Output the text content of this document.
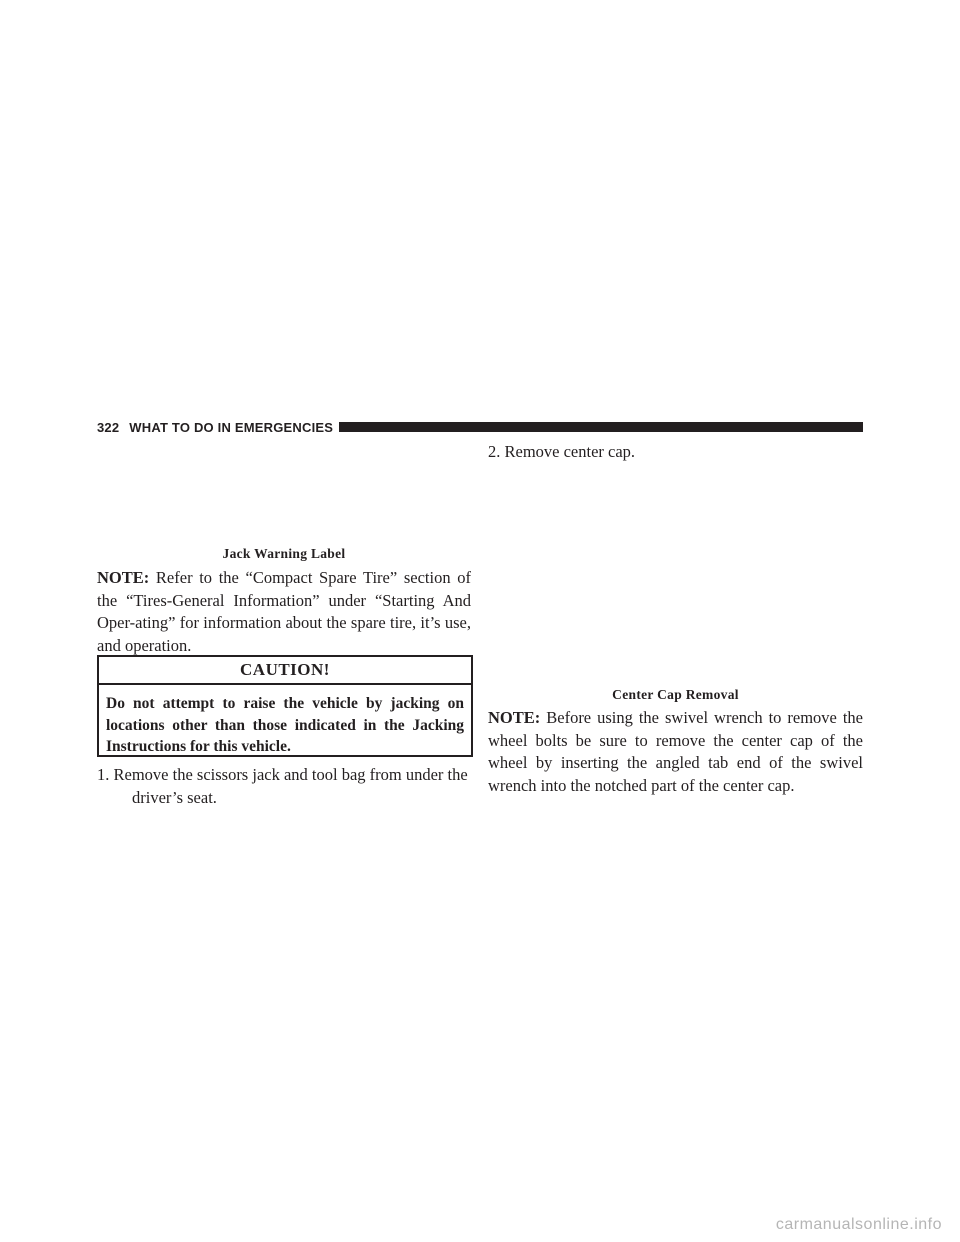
322 WHAT TO DO IN EMERGENCIES
Jack Warning Label

NOTE: Refer to the “Compact Spare Tire” section of the “Tires-General Information” under “Starting And Oper-ating” for information about the spare tire, it’s use, and operation.

CAUTION!
Do not attempt to raise the vehicle by jacking on locations other than those indicated in the Jacking Instructions for this vehicle.
1. Remove the scissors jack and tool bag from under the
driver’s seat.

2. Remove center cap.

Center Cap Removal

NOTE: Before using the swivel wrench to remove the wheel bolts be sure to remove the center cap of the wheel by inserting the angled tab end of the swivel wrench into the notched part of the center cap.

carmanualsonline.info
